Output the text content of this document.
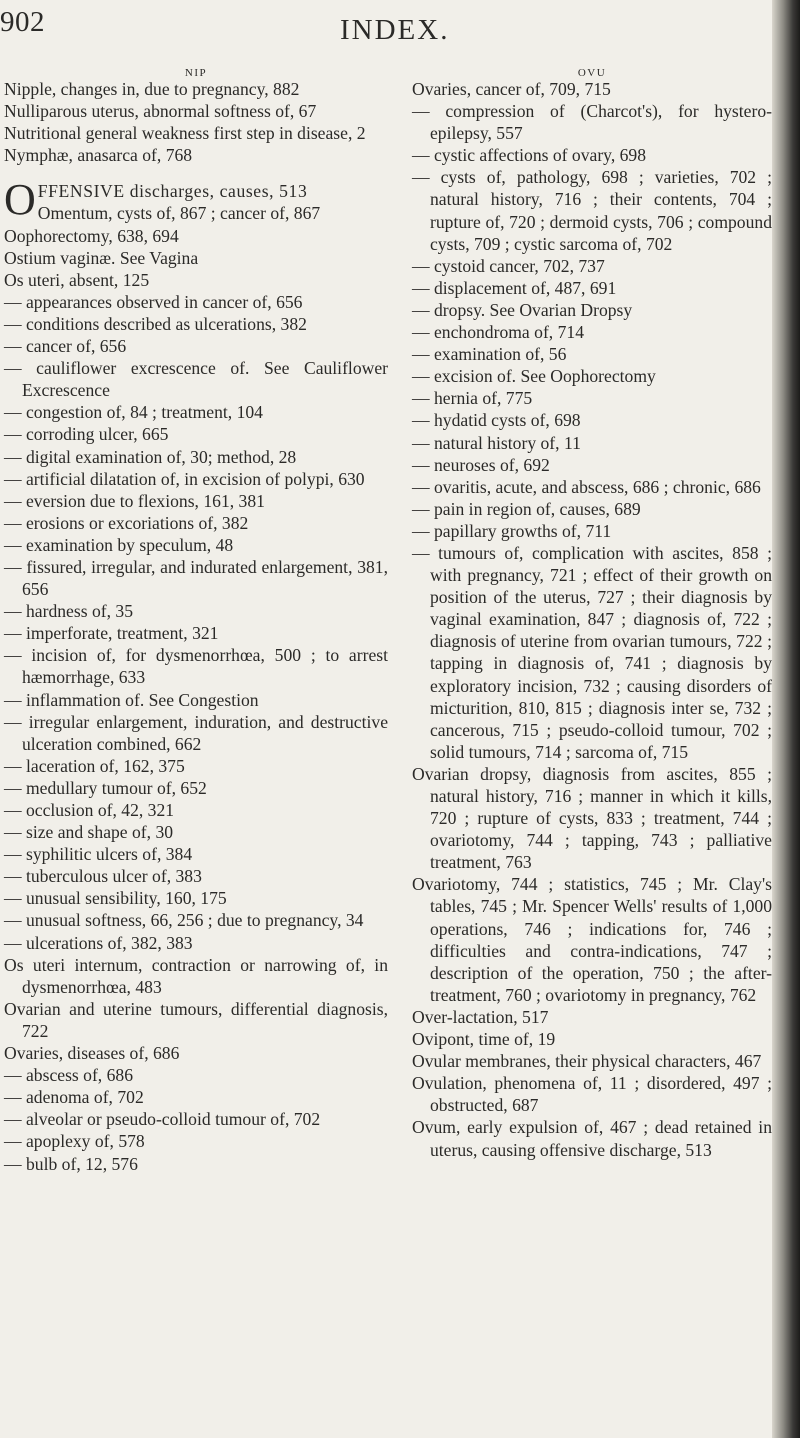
902	INDEX.
NIP

Nipple, changes in, due to pregnancy, 882

Nulliparous uterus, abnormal softness of, 67

Nutritional general weakness first step in disease, 2

Nymphæ, anasarca of, 768

OFFENSIVE discharges, causes, 513

Omentum, cysts of, 867 ; cancer of, 867

Oophorectomy, 638, 694

Ostium vaginæ. See Vagina

Os uteri, absent, 125

— appearances observed in cancer of, 656

— conditions described as ulcerations, 382

— cancer of, 656

— cauliflower excrescence of. See Cauliflower Excrescence

— congestion of, 84 ; treatment, 104

— corroding ulcer, 665

— digital examination of, 30; method, 28

— artificial dilatation of, in excision of polypi, 630

— eversion due to flexions, 161, 381

— erosions or excoriations of, 382

— examination by speculum, 48

— fissured, irregular, and indurated enlargement, 381, 656

— hardness of, 35

— imperforate, treatment, 321

— incision of, for dysmenorrhœa, 500 ; to arrest hæmorrhage, 633

— inflammation of. See Congestion

— irregular enlargement, induration, and destructive ulceration combined, 662

— laceration of, 162, 375

— medullary tumour of, 652

— occlusion of, 42, 321

— size and shape of, 30

— syphilitic ulcers of, 384

— tuberculous ulcer of, 383

— unusual sensibility, 160, 175

— unusual softness, 66, 256 ; due to pregnancy, 34

— ulcerations of, 382, 383

Os uteri internum, contraction or narrowing of, in dysmenorrhœa, 483

Ovarian and uterine tumours, differential diagnosis, 722

Ovaries, diseases of, 686

— abscess of, 686

— adenoma of, 702

— alveolar or pseudo-colloid tumour of, 702

— apoplexy of, 578

— bulb of, 12, 576

OVU

Ovaries, cancer of, 709, 715

— compression of (Charcot's), for hystero-epilepsy, 557

— cystic affections of ovary, 698

— cysts of, pathology, 698 ; varieties, 702 ; natural history, 716 ; their contents, 704 ; rupture of, 720 ; dermoid cysts, 706 ; compound cysts, 709 ; cystic sarcoma of, 702

— cystoid cancer, 702, 737

— displacement of, 487, 691

— dropsy. See Ovarian Dropsy

— enchondroma of, 714

— examination of, 56

— excision of. See Oophorectomy

— hernia of, 775

— hydatid cysts of, 698

— natural history of, 11

— neuroses of, 692

— ovaritis, acute, and abscess, 686 ; chronic, 686

— pain in region of, causes, 689

— papillary growths of, 711

— tumours of, complication with ascites, 858 ; with pregnancy, 721 ; effect of their growth on position of the uterus, 727 ; their diagnosis by vaginal examination, 847 ; diagnosis of, 722 ; diagnosis of uterine from ovarian tumours, 722 ; tapping in diagnosis of, 741 ; diagnosis by exploratory incision, 732 ; causing disorders of micturition, 810, 815 ; diagnosis inter se, 732 ; cancerous, 715 ; pseudo-colloid tumour, 702 ; solid tumours, 714 ; sarcoma of, 715

Ovarian dropsy, diagnosis from ascites, 855 ; natural history, 716 ; manner in which it kills, 720 ; rupture of cysts, 833 ; treatment, 744 ; ovariotomy, 744 ; tapping, 743 ; palliative treatment, 763

Ovariotomy, 744 ; statistics, 745 ; Mr. Clay's tables, 745 ; Mr. Spencer Wells' results of 1,000 operations, 746 ; indications for, 746 ; difficulties and contra-indications, 747 ; description of the operation, 750 ; the after-treatment, 760 ; ovariotomy in pregnancy, 762

Over-lactation, 517

Ovipont, time of, 19

Ovular membranes, their physical characters, 467

Ovulation, phenomena of, 11 ; disordered, 497 ; obstructed, 687

Ovum, early expulsion of, 467 ; dead retained in uterus, causing offensive discharge, 513
